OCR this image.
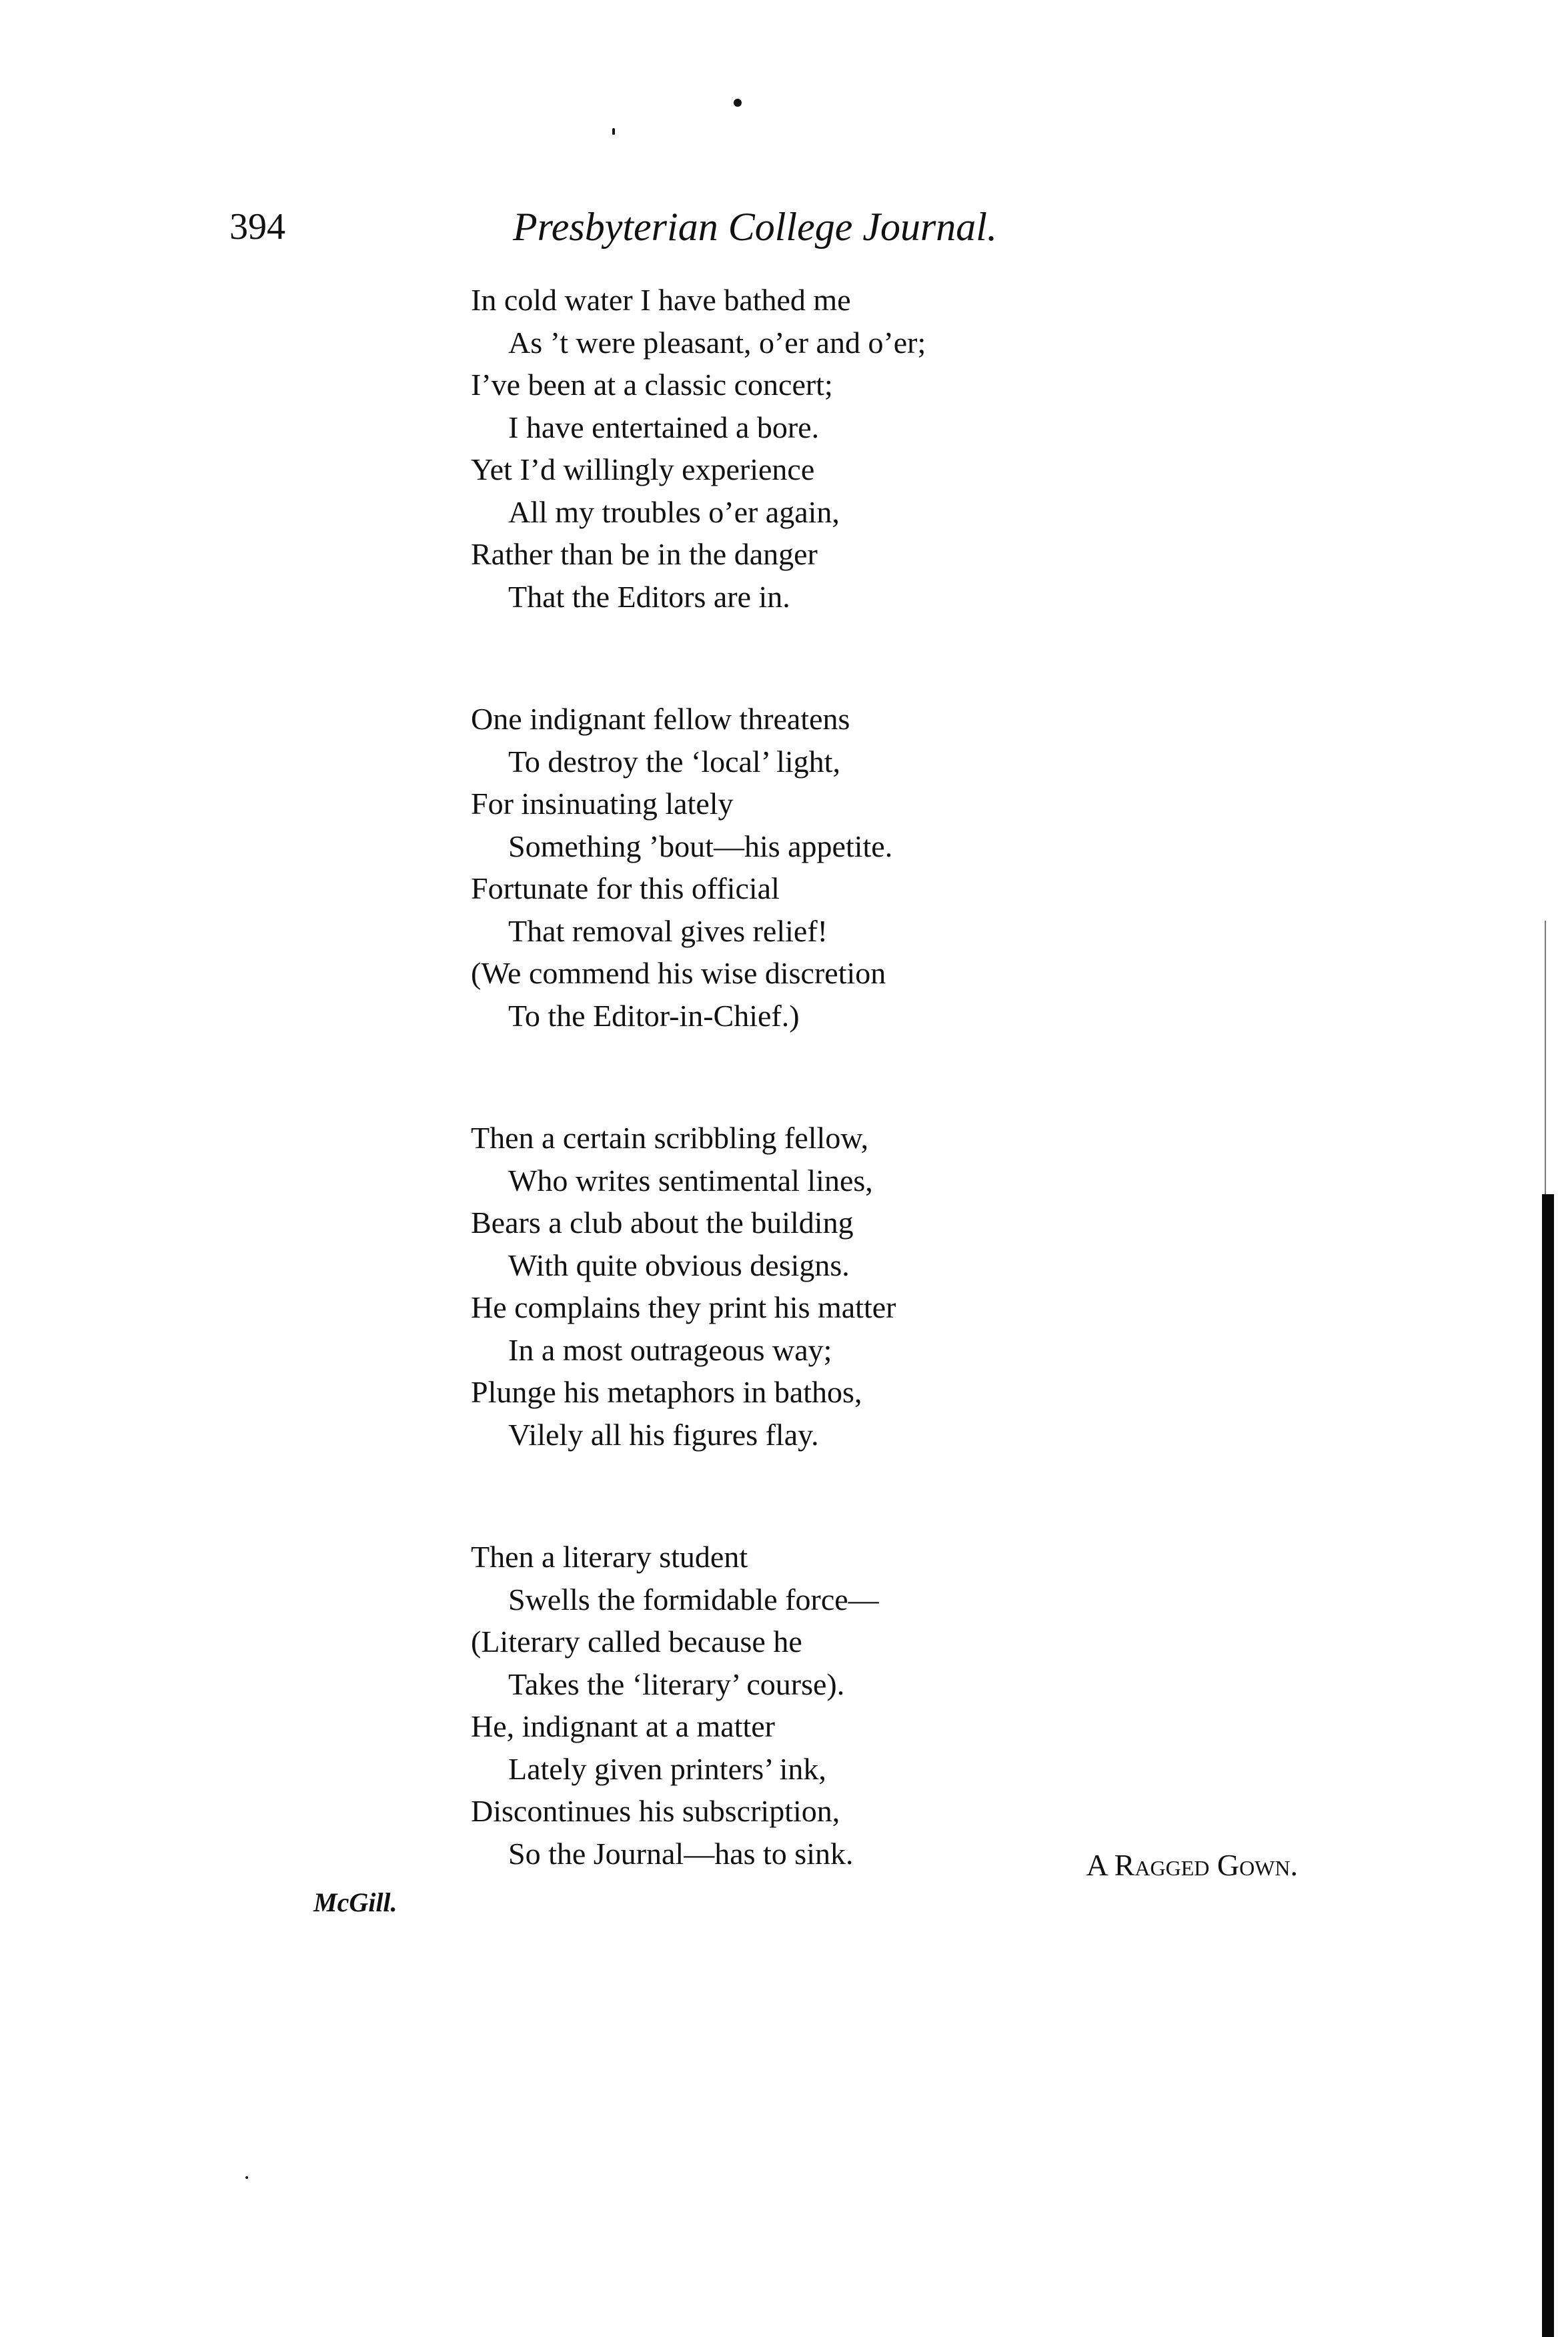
394	Presbyterian College Journal.
In cold water I have bathed me
As ’t were pleasant, o’er and o’er;
I’ve been at a classic concert;
I have entertained a bore.
Yet I’d willingly experience
All my troubles o’er again,
Rather than be in the danger
That the Editors are in.
One indignant fellow threatens
To destroy the ‘local’ light,
For insinuating lately
Something ’bout—his appetite.
Fortunate for this official
That removal gives relief!
(We commend his wise discretion
To the Editor-in-Chief.)
Then a certain scribbling fellow,
Who writes sentimental lines,
Bears a club about the building
With quite obvious designs.
He complains they print his matter
In a most outrageous way;
Plunge his metaphors in bathos,
Vilely all his figures flay.
Then a literary student
Swells the formidable force—
(Literary called because he
Takes the ‘literary’ course).
He, indignant at a matter
Lately given printers’ ink,
Discontinues his subscription,
So the Journal—has to sink.	A Ragged Gown.
McGill.
